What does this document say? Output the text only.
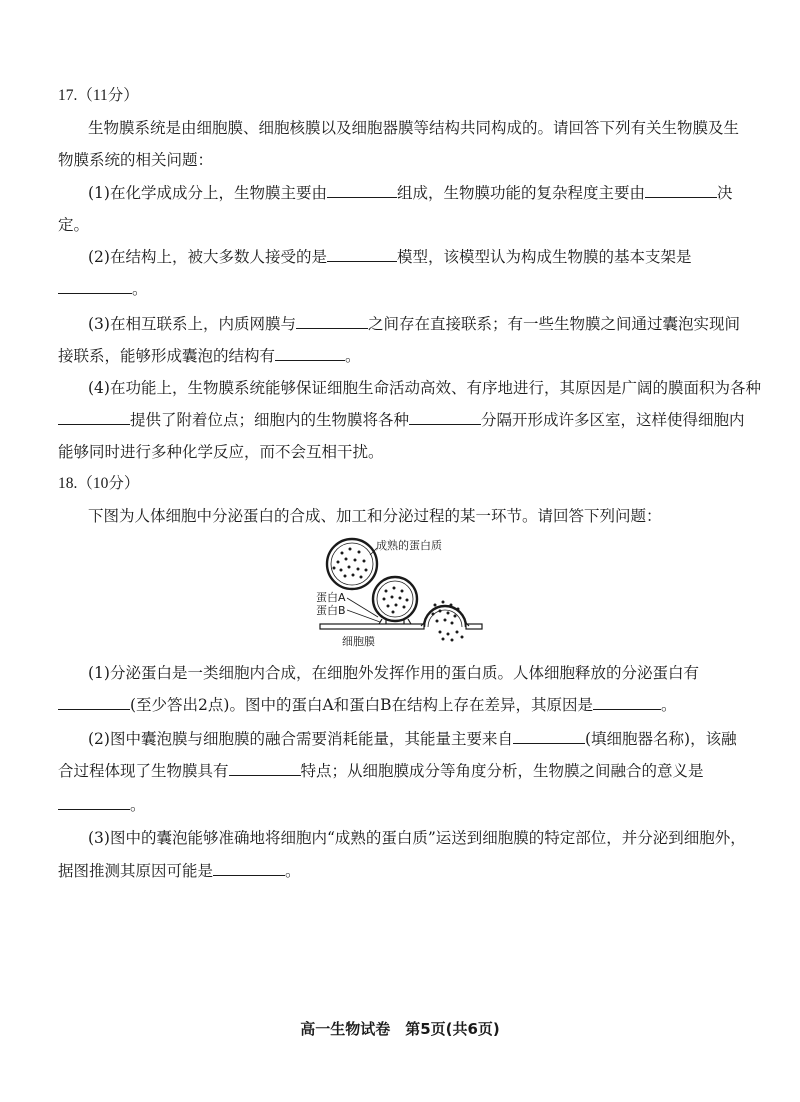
17.（11分）
生物膜系统是由细胞膜、细胞核膜以及细胞器膜等结构共同构成的。请回答下列有关生物膜及生
物膜系统的相关问题：
(1)在化学成成分上，生物膜主要由	组成，生物膜功能的复杂程度主要由	决
定。
(2)在结构上，被大多数人接受的是	模型，该模型认为构成生物膜的基本支架是
。
(3)在相互联系上，内质网膜与	之间存在直接联系；有一些生物膜之间通过囊泡实现间
接联系，能够形成囊泡的结构有	。
(4)在功能上，生物膜系统能够保证细胞生命活动高效、有序地进行，其原因是广阔的膜面积为各种
提供了附着位点；细胞内的生物膜将各种	分隔开形成许多区室，这样使得细胞内
能够同时进行多种化学反应，而不会互相干扰。
18.（10分）
下图为人体细胞中分泌蛋白的合成、加工和分泌过程的某一环节。请回答下列问题：
成熟的蛋白质
蛋白A
蛋白B
细胞膜
(1)分泌蛋白是一类细胞内合成，在细胞外发挥作用的蛋白质。人体细胞释放的分泌蛋白有
(至少答出2点)。图中的蛋白A和蛋白B在结构上存在差异，其原因是	。
(2)图中囊泡膜与细胞膜的融合需要消耗能量，其能量主要来自	(填细胞器名称)，该融
合过程体现了生物膜具有	特点；从细胞膜成分等角度分析，生物膜之间融合的意义是
。
(3)图中的囊泡能够准确地将细胞内“成熟的蛋白质”运送到细胞膜的特定部位，并分泌到细胞外，
据图推测其原因可能是	。
高一生物试卷　第5页(共6页)
